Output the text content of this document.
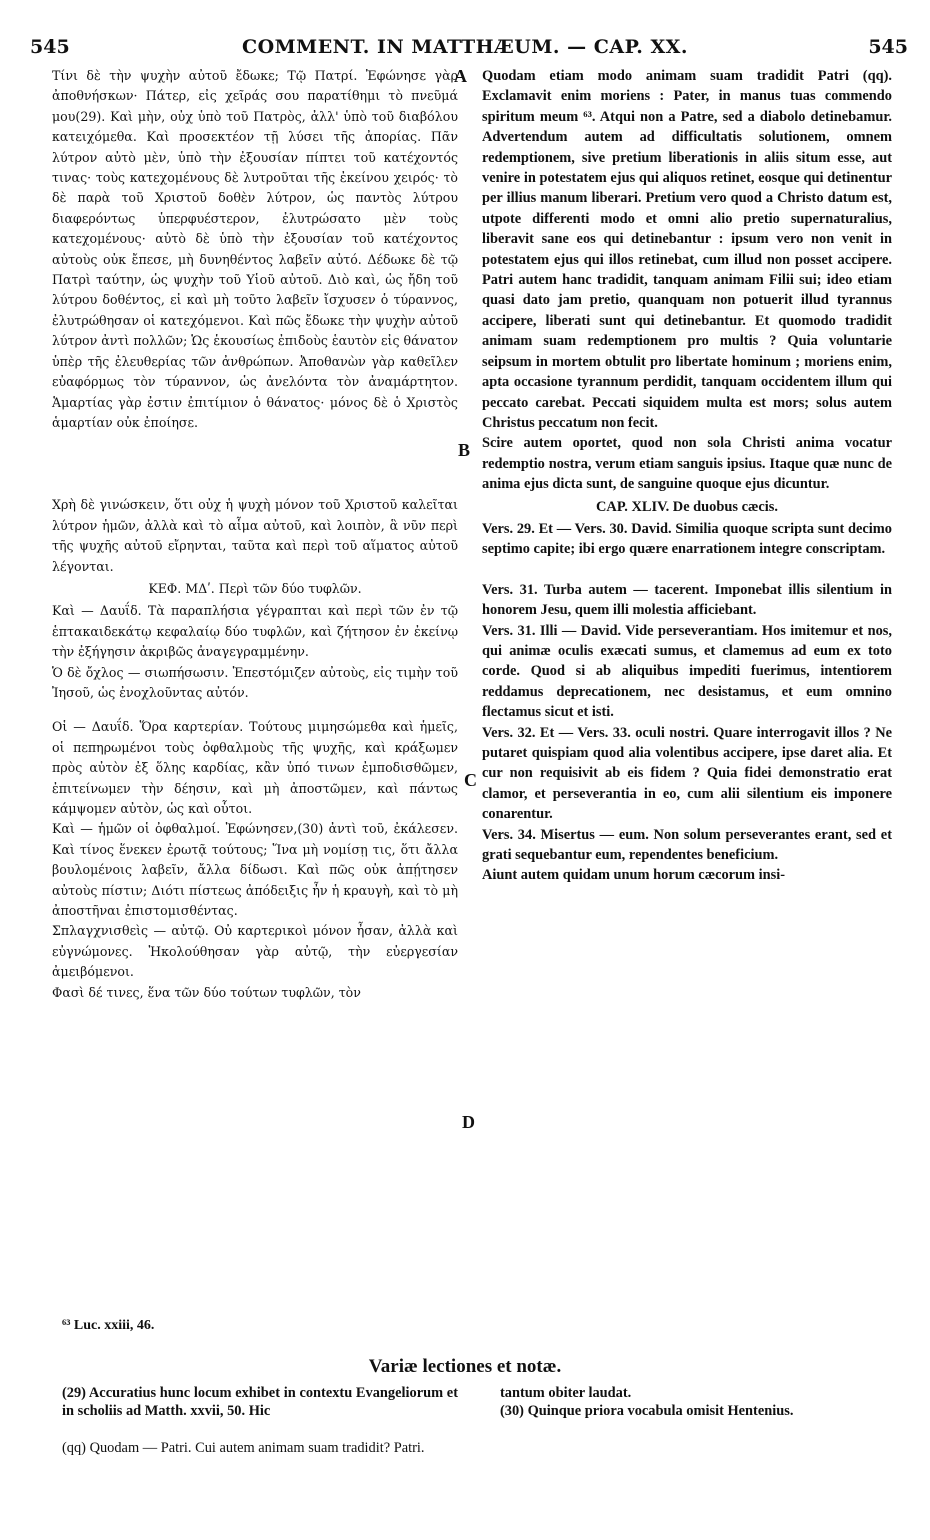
545	COMMENT. IN MATTHÆUM. — CAP. XX.	545

Τίνι δὲ τὴν ψυχὴν αὐτοῦ ἔδωκε; Τῷ Πατρί. Ἐφώνησε γὰρ ἀποθνήσκων· Πάτερ, εἰς χεῖράς σου παρατίθημι τὸ πνεῦμά μου(29). Καὶ μὴν, οὐχ ὑπὸ τοῦ Πατρὸς, ἀλλ' ὑπὸ τοῦ διαβόλου κατειχόμεθα. Καὶ προσεκτέον τῇ λύσει τῆς ἀπορίας. Πᾶν λύτρον αὐτὸ μὲν, ὑπὸ τὴν ἐξουσίαν πίπτει τοῦ κατέχοντός τινας· τοὺς κατεχομένους δὲ λυτροῦται τῆς ἐκείνου χειρός· τὸ δὲ παρὰ τοῦ Χριστοῦ δοθὲν λύτρον, ὡς παντὸς λύτρου διαφερόντως ὑπερφυέστερον, ἐλυτρώσατο μὲν τοὺς κατεχομένους· αὐτὸ δὲ ὑπὸ τὴν ἐξουσίαν τοῦ κατέχοντος αὐτοὺς οὐκ ἔπεσε, μὴ δυνηθέντος λαβεῖν αὐτό. Δέδωκε δὲ τῷ Πατρὶ ταύτην, ὡς ψυχὴν τοῦ Υἱοῦ αὐτοῦ. Διὸ καὶ, ὡς ἤδη τοῦ λύτρου δοθέντος, εἰ καὶ μὴ τοῦτο λαβεῖν ἴσχυσεν ὁ τύραννος, ἐλυτρώθησαν οἱ κατεχόμενοι. Καὶ πῶς ἔδωκε τὴν ψυχὴν αὐτοῦ λύτρον ἀντὶ πολλῶν; Ὡς ἑκουσίως ἐπιδοὺς ἑαυτὸν εἰς θάνατον ὑπὲρ τῆς ἐλευθερίας τῶν ἀνθρώπων. Ἀποθανὼν γὰρ καθεῖλεν εὐαφόρμως τὸν τύραννον, ὡς ἀνελόντα τὸν ἀναμάρτητον. Ἁμαρτίας γὰρ ἐστιν ἐπιτίμιον ὁ θάνατος· μόνος δὲ ὁ Χριστὸς ἁμαρτίαν οὐκ ἐποίησε.

Χρὴ δὲ γινώσκειν, ὅτι οὐχ ἡ ψυχὴ μόνον τοῦ Χριστοῦ καλεῖται λύτρον ἡμῶν, ἀλλὰ καὶ τὸ αἷμα αὐτοῦ, καὶ λοιπὸν, ἃ νῦν περὶ τῆς ψυχῆς αὐτοῦ εἴρηνται, ταῦτα καὶ περὶ τοῦ αἵματος αὐτοῦ λέγονται.

ΚΕΦ. ΜΔʹ. Περὶ τῶν δύο τυφλῶν.

Καὶ — Δαυΐδ. Τὰ παραπλήσια γέγραπται καὶ περὶ τῶν ἐν τῷ ἑπτακαιδεκάτῳ κεφαλαίῳ δύο τυφλῶν, καὶ ζήτησον ἐν ἐκείνῳ τὴν ἐξήγησιν ἀκριβῶς ἀναγεγραμμένην.

Ὁ δὲ ὄχλος — σιωπήσωσιν. Ἐπεστόμιζεν αὐτοὺς, εἰς τιμὴν τοῦ Ἰησοῦ, ὡς ἐνοχλοῦντας αὐτόν.

Οἱ — Δαυΐδ. Ὅρα καρτερίαν. Τούτους μιμησώμεθα καὶ ἡμεῖς, οἱ πεπηρωμένοι τοὺς ὀφθαλμοὺς τῆς ψυχῆς, καὶ κράξωμεν πρὸς αὐτὸν ἐξ ὅλης καρδίας, κἂν ὑπό τινων ἐμποδισθῶμεν, ἐπιτείνωμεν τὴν δέησιν, καὶ μὴ ἀποστῶμεν, καὶ πάντως κάμψομεν αὐτὸν, ὡς καὶ οὗτοι.

Καὶ — ἡμῶν οἱ ὀφθαλμοί. Ἐφώνησεν,(30) ἀντὶ τοῦ, ἐκάλεσεν. Καὶ τίνος ἕνεκεν ἐρωτᾷ τούτους; Ἵνα μὴ νομίσῃ τις, ὅτι ἄλλα βουλομένοις λαβεῖν, ἄλλα δίδωσι. Καὶ πῶς οὐκ ἀπῄτησεν αὐτοὺς πίστιν; Διότι πίστεως ἀπόδειξις ἦν ἡ κραυγὴ, καὶ τὸ μὴ ἀποστῆναι ἐπιστομισθέντας.

Σπλαγχνισθεὶς — αὐτῷ. Οὐ καρτερικοὶ μόνον ἦσαν, ἀλλὰ καὶ εὐγνώμονες. Ἠκολούθησαν γὰρ αὐτῷ, τὴν εὐεργεσίαν ἀμειβόμενοι.

Φασὶ δέ τινες, ἕνα τῶν δύο τούτων τυφλῶν, τὸν

Quodam etiam modo animam suam tradidit Patri (qq). Exclamavit enim moriens : Pater, in manus tuas commendo spiritum meum ⁶³. Atqui non a Patre, sed a diabolo detinebamur. Advertendum autem ad difficultatis solutionem, omnem redemptionem, sive pretium liberationis in aliis situm esse, aut venire in potestatem ejus qui aliquos retinet, eosque qui detinentur per illius manum liberari. Pretium vero quod a Christo datum est, utpote differenti modo et omni alio pretio supernaturalius, liberavit sane eos qui detinebantur : ipsum vero non venit in potestatem ejus qui illos retinebat, cum illud non posset accipere. Patri autem hanc tradidit, tanquam animam Filii sui; ideo etiam quasi dato jam pretio, quanquam non potuerit illud tyrannus accipere, liberati sunt qui detinebantur. Et quomodo tradidit animam suam redemptionem pro multis ? Quia voluntarie seipsum in mortem obtulit pro libertate hominum ; moriens enim, apta occasione tyrannum perdidit, tanquam occidentem illum qui peccato carebat. Peccati siquidem multa est mors; solus autem Christus peccatum non fecit.

Scire autem oportet, quod non sola Christi anima vocatur redemptio nostra, verum etiam sanguis ipsius. Itaque quæ nunc de anima ejus dicta sunt, de sanguine quoque ejus dicuntur.

CAP. XLIV. De duobus cæcis.

Vers. 29. Et — Vers. 30. David. Similia quoque scripta sunt decimo septimo capite; ibi ergo quære enarrationem integre conscriptam.

Vers. 31. Turba autem — tacerent. Imponebat illis silentium in honorem Jesu, quem illi molestia afficiebant.

Vers. 31. Illi — David. Vide perseverantiam. Hos imitemur et nos, qui animæ oculis exæcati sumus, et clamemus ad eum ex toto corde. Quod si ab aliquibus impediti fuerimus, intentiorem reddamus deprecationem, nec desistamus, et eum omnino flectamus sicut et isti.

Vers. 32. Et — Vers. 33. oculi nostri. Quare interrogavit illos ? Ne putaret quispiam quod alia volentibus accipere, ipse daret alia. Et cur non requisivit ab eis fidem ? Quia fidei demonstratio erat clamor, et perseverantia in eo, cum alii silentium eis imponere conarentur.

Vers. 34. Misertus — eum. Non solum perseverantes erant, sed et grati sequebantur eum, rependentes beneficium.

Aiunt autem quidam unum horum cæcorum insi-

A
B
C
D
⁶³ Luc. xxiii, 46.
Variæ lectiones et notæ.
(29) Accuratius hunc locum exhibet in contextu Evangeliorum et in scholiis ad Matth. xxvii, 50. Hic
tantum obiter laudat.
(30) Quinque priora vocabula omisit Hentenius.
(qq) Quodam — Patri. Cui autem animam suam tradidit? Patri.
